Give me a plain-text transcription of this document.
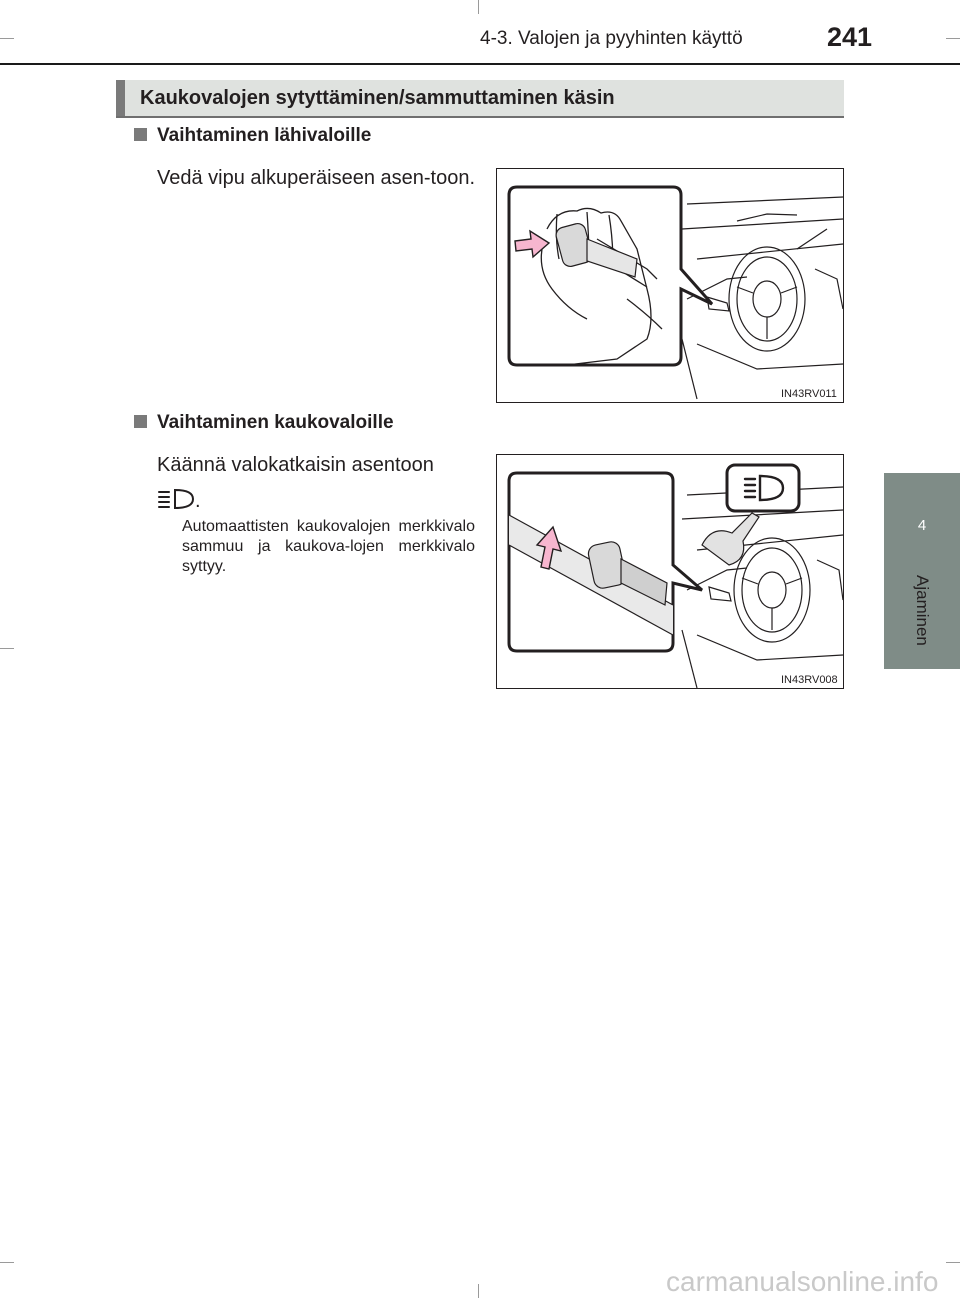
4-3. Valojen ja pyyhinten käyttö	241
4
Ajaminen
Kaukovalojen sytyttäminen/sammuttaminen käsin
Vaihtaminen lähivaloille
Vedä vipu alkuperäiseen asen-toon.
IN43RV011
Vaihtaminen kaukovaloille
Käännä valokatkaisin asentoon
.
Automaattisten kaukovalojen merkkivalo sammuu ja kaukova-lojen merkkivalo syttyy.
IN43RV008
carmanualsonline.info
